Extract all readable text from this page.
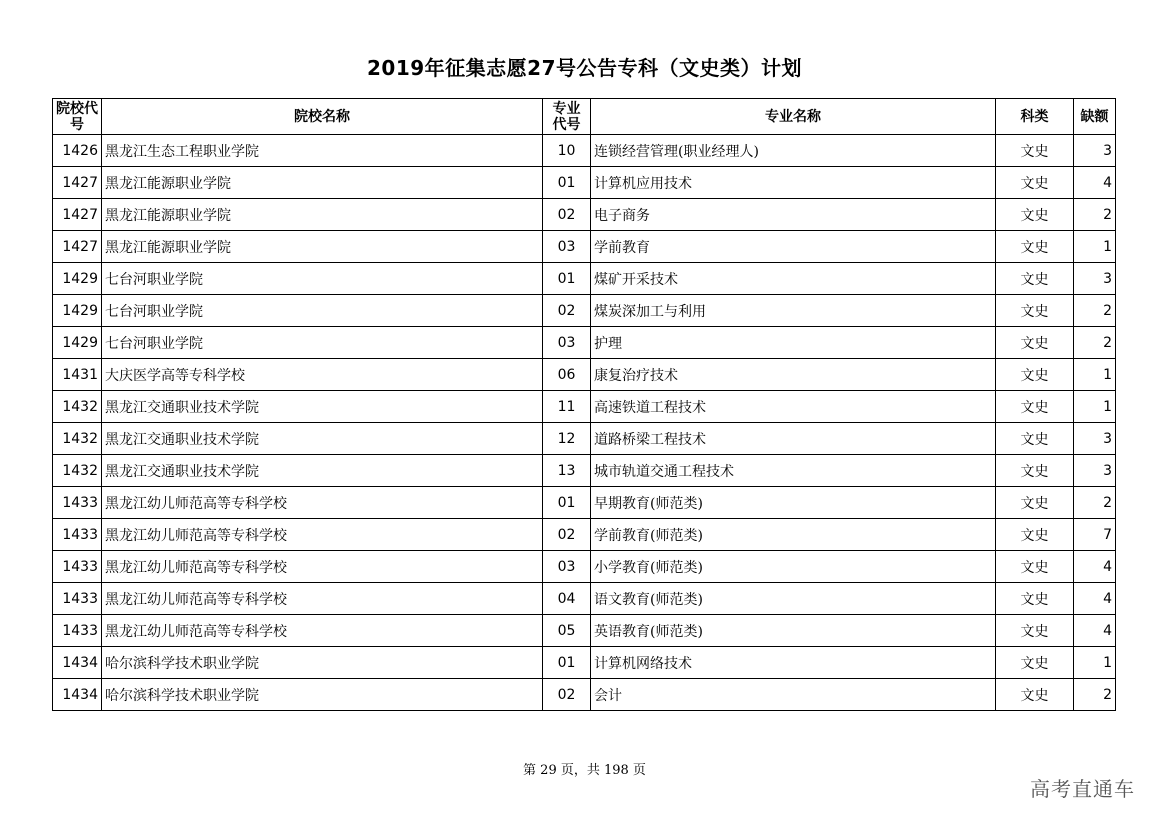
2019年征集志愿27号公告专科（文史类）计划
院校代号	院校名称	专业代号	专业名称	科类	缺额
1426	黑龙江生态工程职业学院	10	连锁经营管理(职业经理人)	文史	3
1427	黑龙江能源职业学院	01	计算机应用技术	文史	4
1427	黑龙江能源职业学院	02	电子商务	文史	2
1427	黑龙江能源职业学院	03	学前教育	文史	1
1429	七台河职业学院	01	煤矿开采技术	文史	3
1429	七台河职业学院	02	煤炭深加工与利用	文史	2
1429	七台河职业学院	03	护理	文史	2
1431	大庆医学高等专科学校	06	康复治疗技术	文史	1
1432	黑龙江交通职业技术学院	11	高速铁道工程技术	文史	1
1432	黑龙江交通职业技术学院	12	道路桥梁工程技术	文史	3
1432	黑龙江交通职业技术学院	13	城市轨道交通工程技术	文史	3
1433	黑龙江幼儿师范高等专科学校	01	早期教育(师范类)	文史	2
1433	黑龙江幼儿师范高等专科学校	02	学前教育(师范类)	文史	7
1433	黑龙江幼儿师范高等专科学校	03	小学教育(师范类)	文史	4
1433	黑龙江幼儿师范高等专科学校	04	语文教育(师范类)	文史	4
1433	黑龙江幼儿师范高等专科学校	05	英语教育(师范类)	文史	4
1434	哈尔滨科学技术职业学院	01	计算机网络技术	文史	1
1434	哈尔滨科学技术职业学院	02	会计	文史	2
第 29 页，共 198 页
高考直通车
